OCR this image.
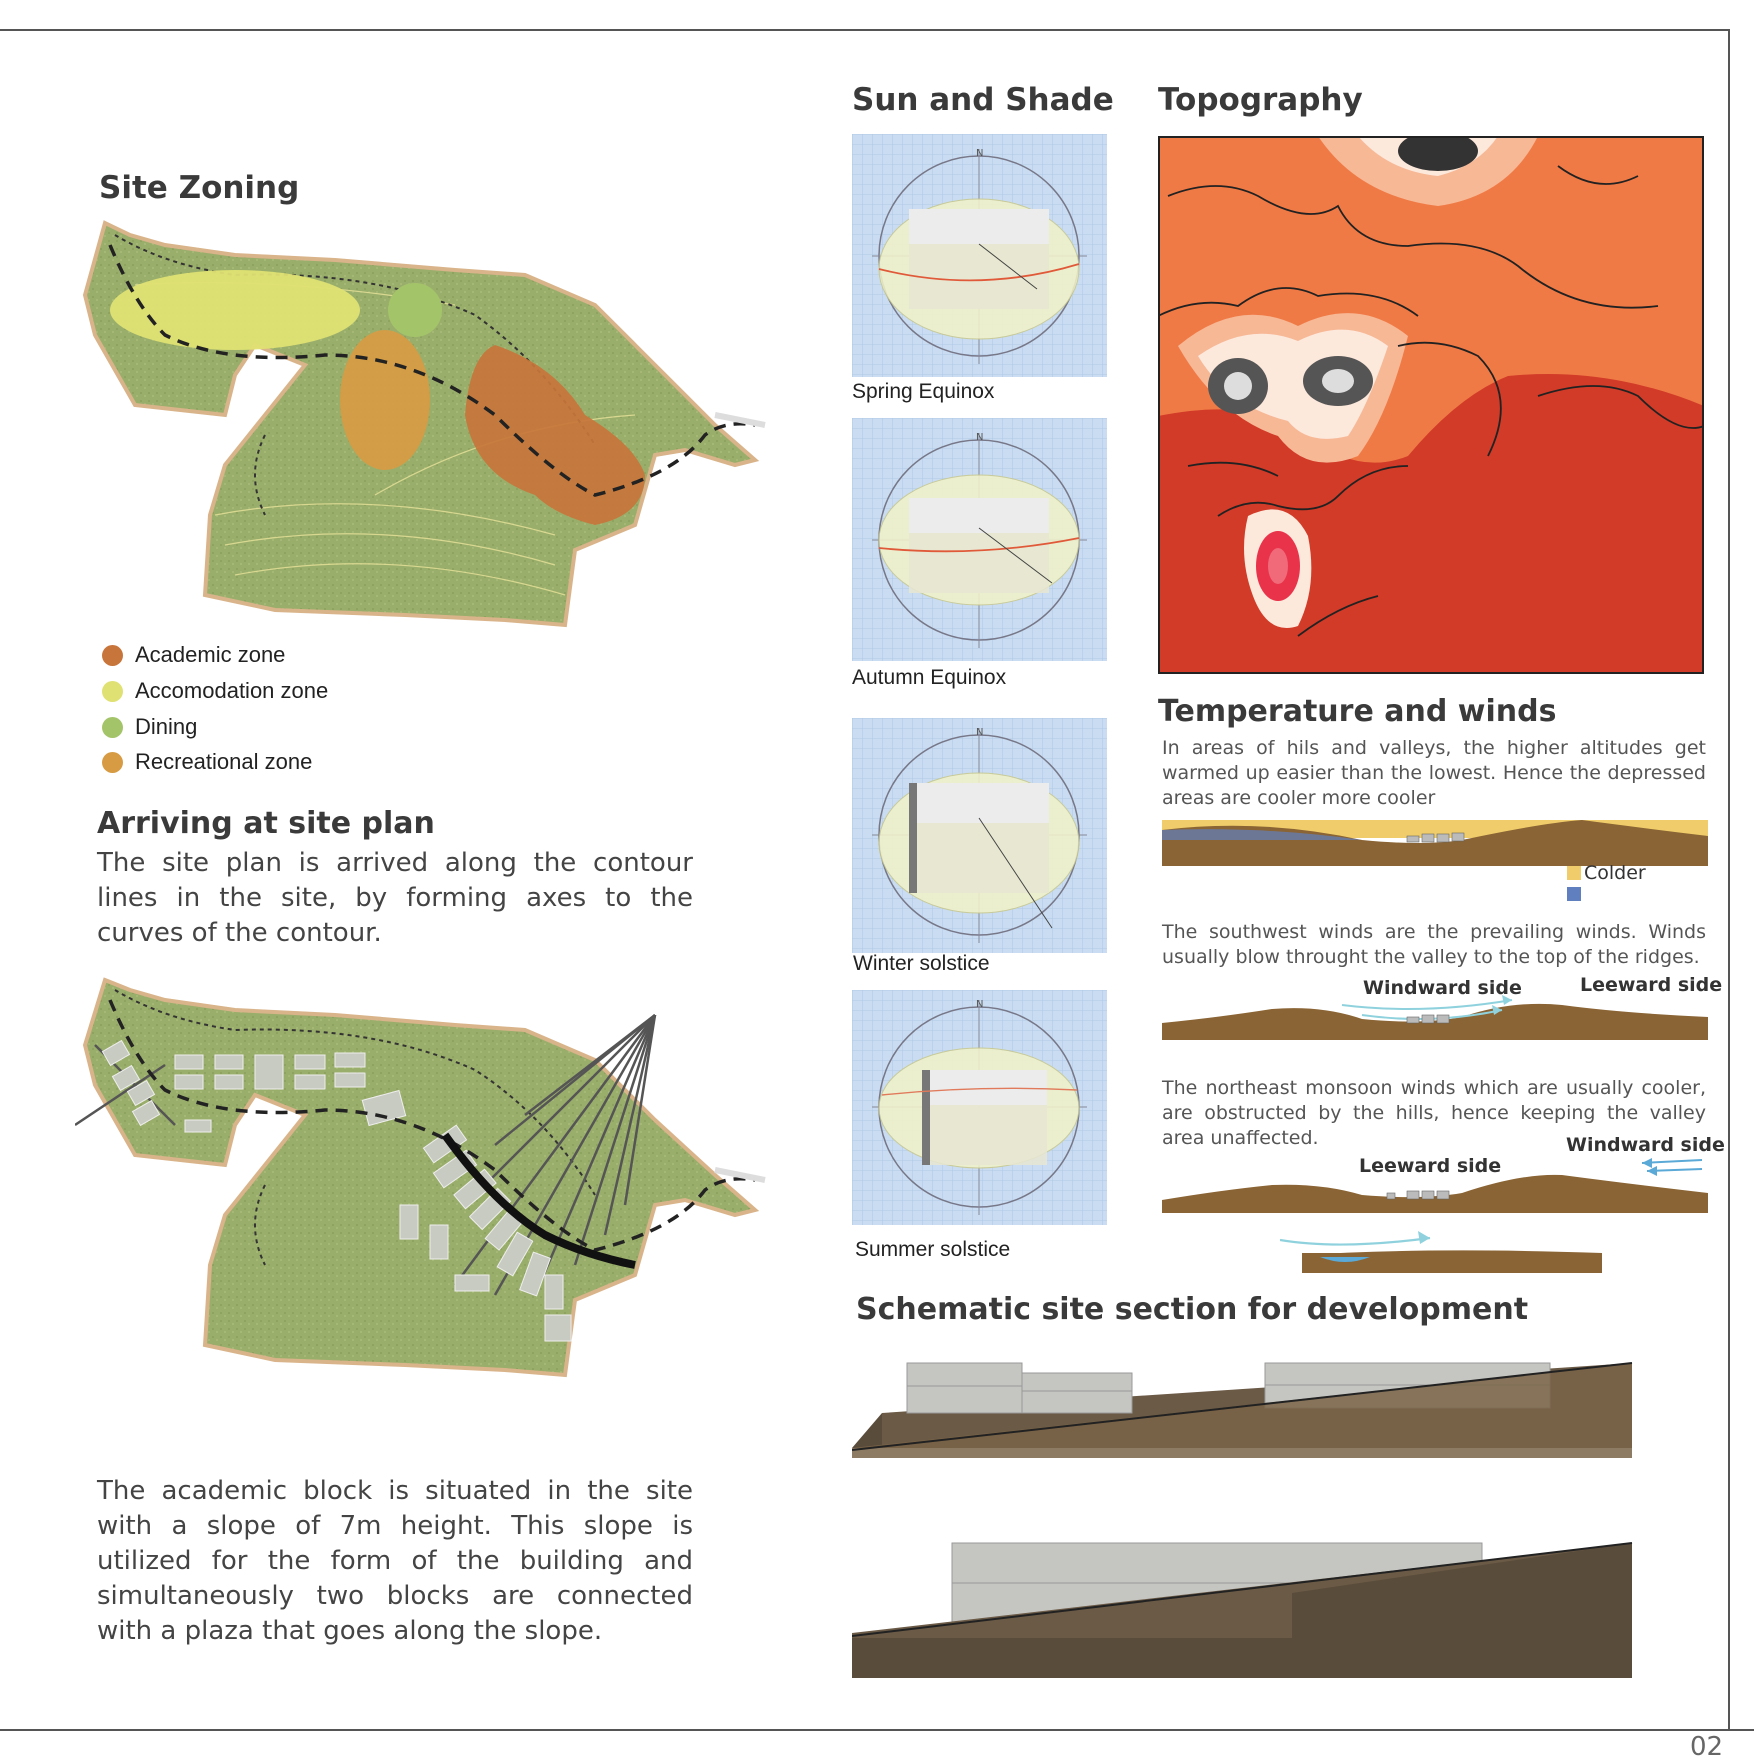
02
Site Zoning
Academic zone
Accomodation zone
Dining
Recreational zone
Arriving at site plan
The site plan is arrived along the contour lines in the site, by forming axes to the curves of the contour.
The academic block is situated in the site with a slope of 7m height. This slope is utilized for the form of the building and simultaneously two blocks are connected with a plaza that goes along the slope.
Sun and Shade
N
Spring Equinox
N
Autumn Equinox
N
Winter solstice
N
Summer solstice
Topography
Temperature and winds
In areas of hils and valleys, the higher altitudes get warmed up easier than the lowest. Hence the depressed areas are cooler more cooler
Colder
The southwest winds are the prevailing winds. Winds usually blow throught the valley to the top of the ridges.
Windward side	Leeward side
The northeast monsoon winds which are usually cooler, are obstructed by the hills, hence keeping the valley area unaffected.	Windward side
Leeward side
Schematic site section for development
